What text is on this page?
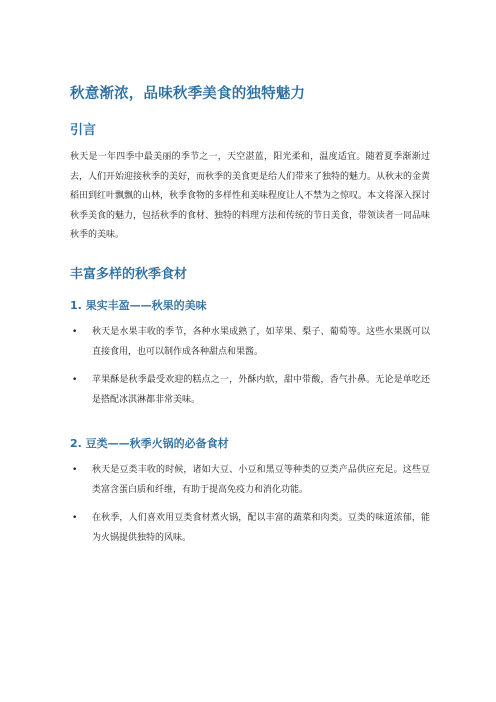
秋意渐浓，品味秋季美食的独特魅力
引言
秋天是一年四季中最美丽的季节之一，天空湛蓝，阳光柔和，温度适宜。随着夏季渐渐过去，人们开始迎接秋季的美好，而秋季的美食更是给人们带来了独特的魅力。从秋末的金黄稻田到红叶飘飘的山林，秋季食物的多样性和美味程度让人不禁为之惊叹。本文将深入探讨秋季美食的魅力，包括秋季的食材、独特的料理方法和传统的节日美食，带领读者一同品味秋季的美味。
丰富多样的秋季食材
1. 果实丰盈——秋果的美味
• 秋天是水果丰收的季节，各种水果成熟了，如苹果、梨子、葡萄等。这些水果既可以直接食用，也可以制作成各种甜点和果酱。
• 苹果酥是秋季最受欢迎的糕点之一，外酥内软，甜中带酸，香气扑鼻。无论是单吃还是搭配冰淇淋都非常美味。
2. 豆类——秋季火锅的必备食材
• 秋天是豆类丰收的时候，诸如大豆、小豆和黑豆等种类的豆类产品供应充足。这些豆类富含蛋白质和纤维，有助于提高免疫力和消化功能。
• 在秋季，人们喜欢用豆类食材煮火锅，配以丰富的蔬菜和肉类。豆类的味道浓郁，能为火锅提供独特的风味。
